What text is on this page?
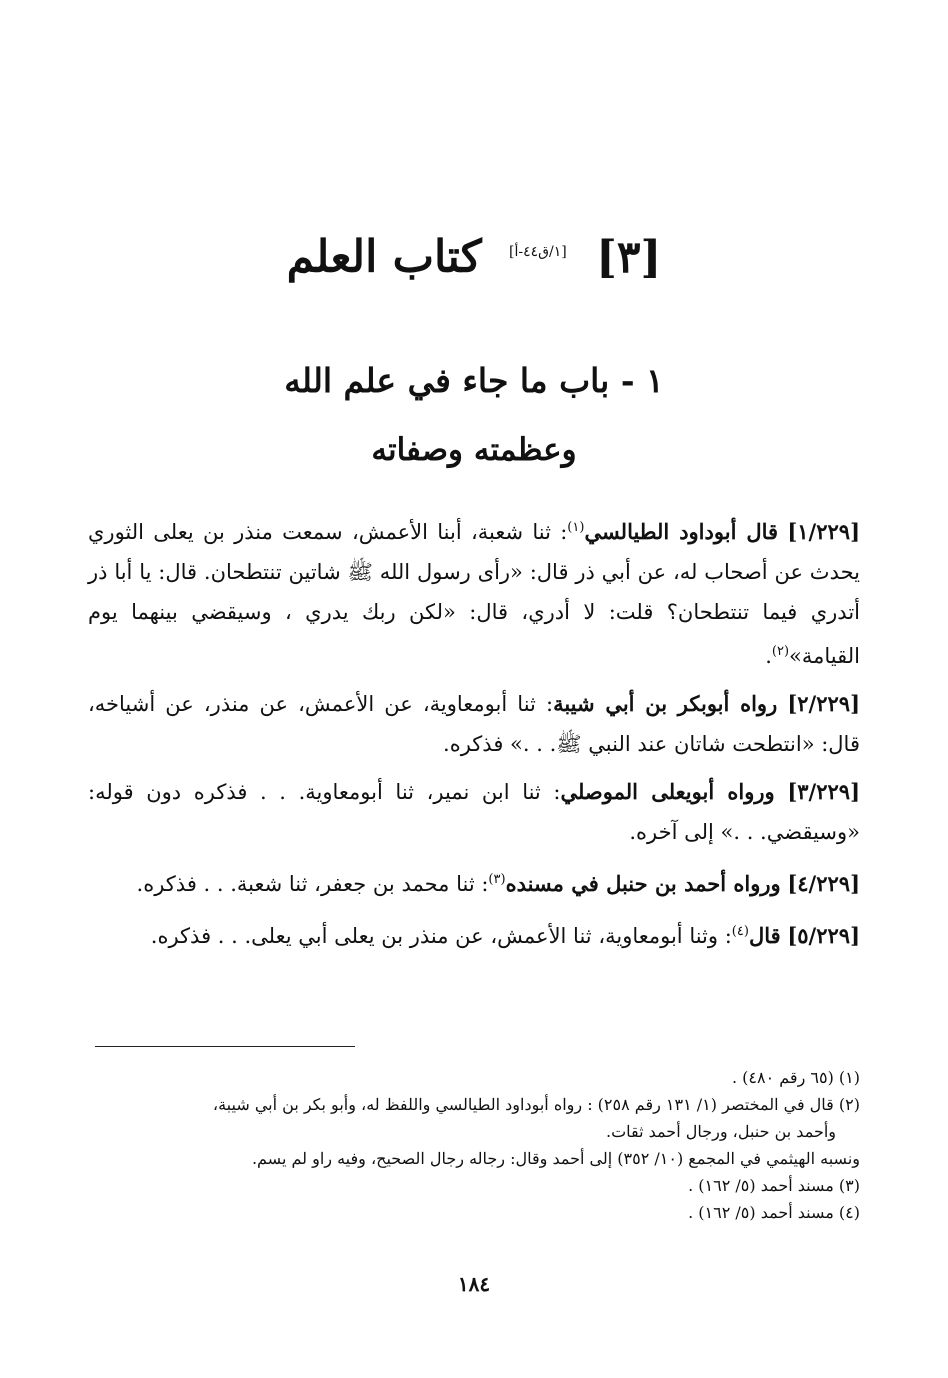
[٣] [١/ق٤٤-أ] كتاب العلم
١ - باب ما جاء في علم الله
وعظمته وصفاته

[١/٢٢٩] قال أبوداود الطيالسي$^{(١)}$: ثنا شعبة، أبنا الأعمش، سمعت منذر بن يعلى الثوري يحدث عن أصحاب له، عن أبي ذر قال: «رأى رسول الله ﷺ شاتين تنتطحان. قال: يا أبا ذر أتدري فيما تنتطحان؟ قلت: لا أدري، قال: «لكن ربك يدري ، وسيقضي بينهما يوم القيامة»$^{(٢)}$.

[٢/٢٢٩] رواه أبوبكر بن أبي شيبة: ثنا أبومعاوية، عن الأعمش، عن منذر، عن أشياخه، قال: «انتطحت شاتان عند النبي ﷺ. . .» فذكره.

[٣/٢٢٩] ورواه أبويعلى الموصلي: ثنا ابن نمير، ثنا أبومعاوية. . . فذكره دون قوله: «وسيقضي. . .» إلى آخره.

[٤/٢٢٩] ورواه أحمد بن حنبل في مسنده$^{(٣)}$: ثنا محمد بن جعفر، ثنا شعبة. . . فذكره.

[٥/٢٢٩] قال$^{(٤)}$: وثنا أبومعاوية، ثنا الأعمش، عن منذر بن يعلى أبي يعلى. . . فذكره.

(١) (٦٥ رقم ٤٨٠) .

(٢) قال في المختصر (١/ ١٣١ رقم ٢٥٨) : رواه أبوداود الطيالسي واللفظ له، وأبو بكر بن أبي شيبة،

وأحمد بن حنبل، ورجال أحمد ثقات.

ونسبه الهيثمي في المجمع (١٠/ ٣٥٢) إلى أحمد وقال: رجاله رجال الصحيح، وفيه راو لم يسم.

(٣) مسند أحمد (٥/ ١٦٢) .

(٤) مسند أحمد (٥/ ١٦٢) .

١٨٤
